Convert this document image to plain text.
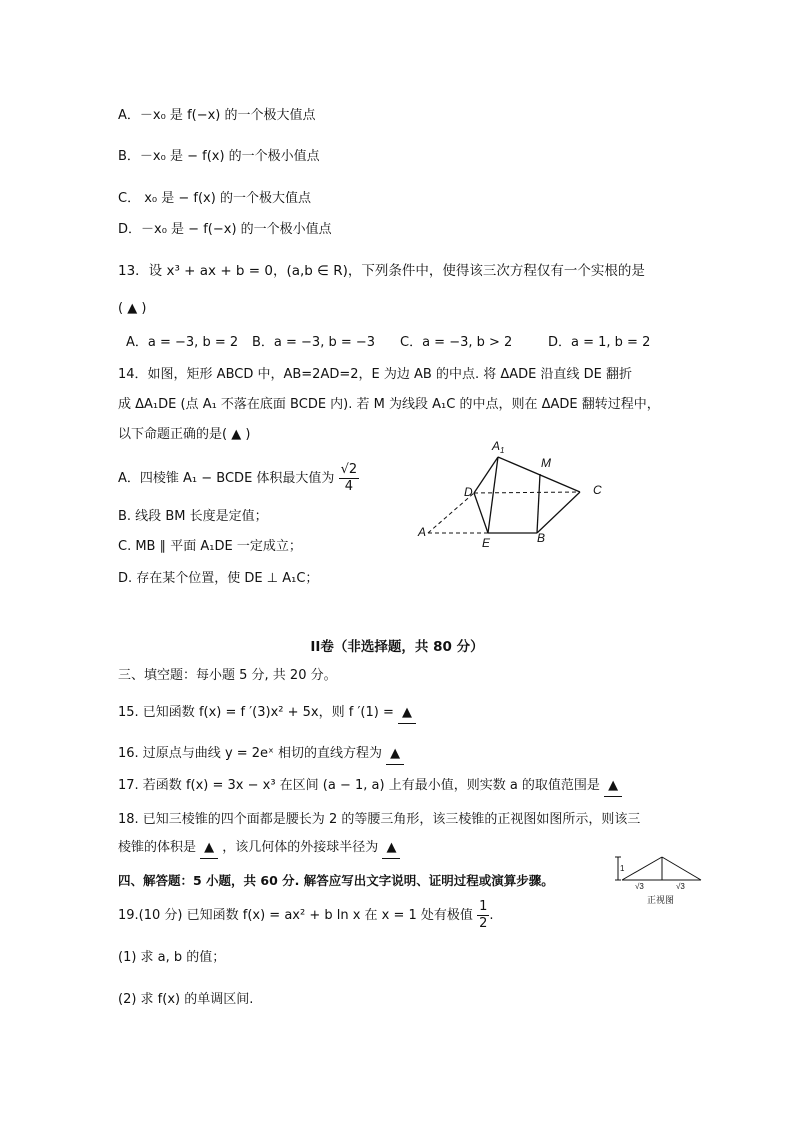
A．－x₀ 是 f(−x) 的一个极大值点
B．－x₀ 是 − f(x) 的一个极小值点
C． x₀ 是 − f(x) 的一个极大值点
D．－x₀ 是 − f(−x) 的一个极小值点
13．设 x³ + ax + b = 0，(a,b ∈ R)，下列条件中，使得该三次方程仅有一个实根的是
( ▲ )
A．a = −3, b = 2 B．a = −3, b = −3 C．a = −3, b > 2	D．a = 1, b = 2
14．如图，矩形 ABCD 中，AB=2AD=2，E 为边 AB 的中点. 将 ΔADE 沿直线 DE 翻折
成 ΔA₁DE (点 A₁ 不落在底面 BCDE 内). 若 M 为线段 A₁C 的中点，则在 ΔADE 翻转过程中，
以下命题正确的是( ▲ )
A．四棱锥 A₁ − BCDE 体积最大值为 $\frac{√2}{4}$
B. 线段 BM 长度是定值；
C. MB ∥ 平面 A₁DE 一定成立；
D. 存在某个位置，使 DE ⊥ A₁C；
$A_1$
M
D	C
A
E	B
II卷（非选择题，共 80 分）
三、填空题：每小题 5 分, 共 20 分。
15. 已知函数 f(x) = f ′(3)x² + 5x，则 f ′(1) = ▲
16. 过原点与曲线 y = 2eˣ 相切的直线方程为 ▲
17. 若函数 f(x) = 3x − x³ 在区间 (a − 1, a) 上有最小值，则实数 a 的取值范围是 ▲
18. 已知三棱锥的四个面都是腰长为 2 的等腰三角形，该三棱锥的正视图如图所示，则该三
棱锥的体积是 ▲ ，该几何体的外接球半径为 ▲
1
√3	√3
正视图
四、解答题：5 小题，共 60 分. 解答应写出文字说明、证明过程或演算步骤。
19.(10 分) 已知函数 f(x) = ax² + b ln x 在 x = 1 处有极值 $\frac{1}{2}$ .
(1) 求 a, b 的值；
(2) 求 f(x) 的单调区间.
